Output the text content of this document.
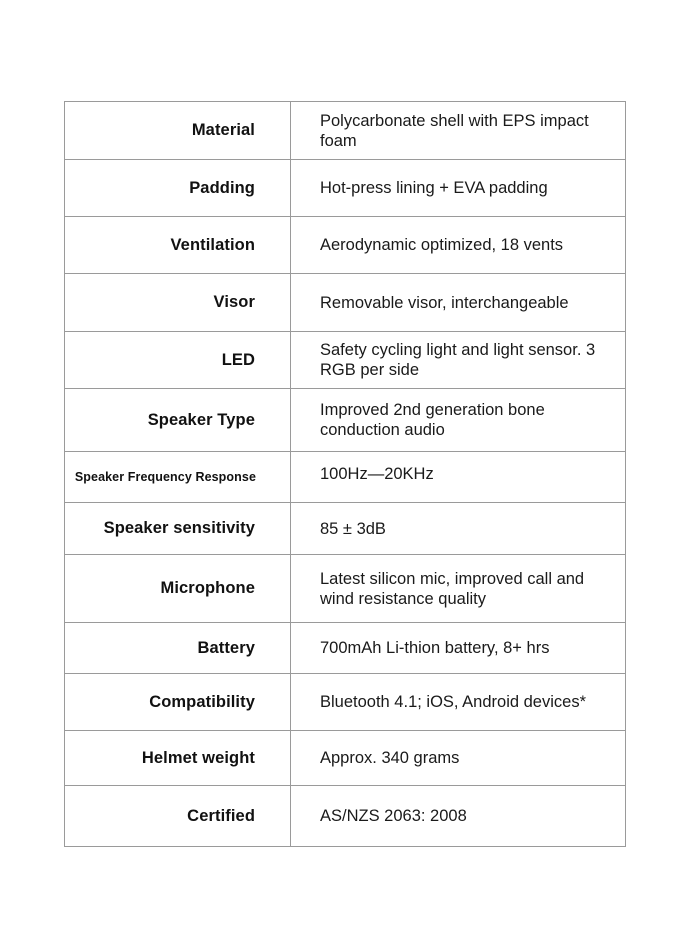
Material	Polycarbonate shell with EPS impact foam
Padding	Hot-press lining + EVA padding
Ventilation	Aerodynamic optimized, 18 vents
Visor	Removable visor, interchangeable
LED	Safety cycling light and light sensor. 3 RGB per side
Speaker Type	Improved 2nd generation bone conduction audio
Speaker Frequency Response	100Hz—20KHz
Speaker sensitivity	85 ± 3dB
Microphone	Latest silicon mic, improved call and wind resistance quality
Battery	700mAh Li-thion battery, 8+ hrs
Compatibility	Bluetooth 4.1; iOS, Android devices*
Helmet weight	Approx. 340 grams
Certified	AS/NZS 2063: 2008
